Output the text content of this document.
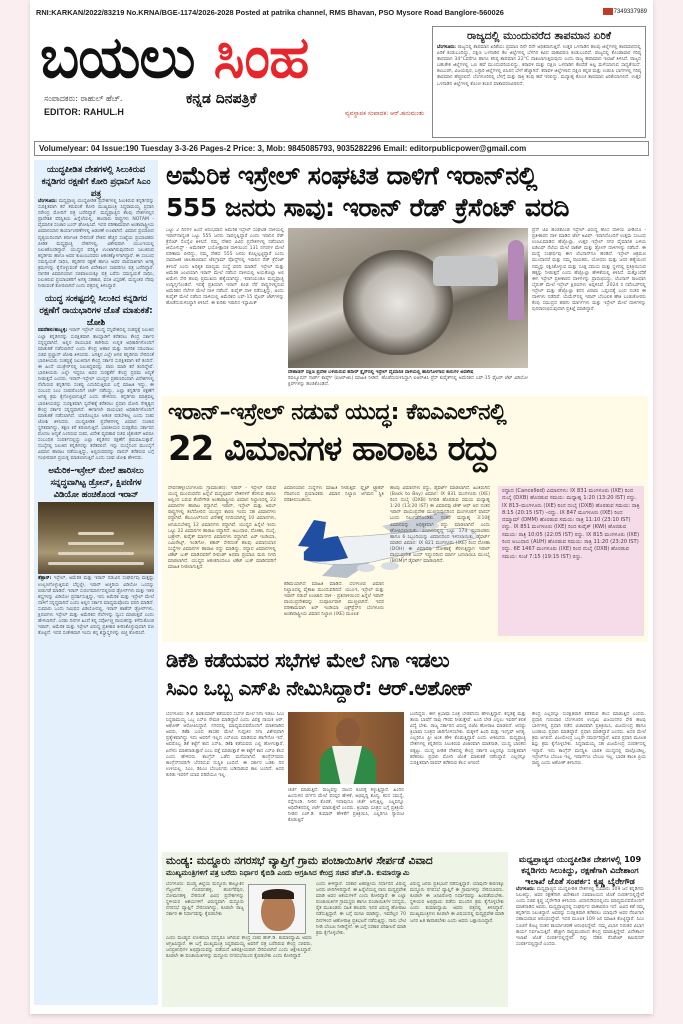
RNI:KARKAN/2022/83219 No.KRNA/BGE-1174/2026-2028 Posted at patrika channel, RMS Bhavan, PSO Mysore Road Banglore-560026	7349337989
ಬಯಲು ಸಿಂಹ
ಸಂಪಾದಕರು: ರಾಹುಲ್ ಹೆಚ್.
EDITOR: RAHUL.H
ಕನ್ನಡ ದಿನಪತ್ರಿಕೆ
ವ್ಯವಸ್ಥಾಪಕ ಸಂಪಾದಕ: ಆರ್.ಹನುಮಂತು
ರಾಜ್ಯದಲ್ಲಿ ಮುಂದುವರೆದ ತಾಪಮಾನ ಏರಿಕೆ
ಬೆಂಗಳೂರು: ರಾಜ್ಯದಲ್ಲಿ ತಾಪಮಾನ ಏರಿಕೆಯು ಪ್ರಮಾಣ ದಿನೇ ದಿನೇ ಅಧಿಕವಾಗುತ್ತಿದೆ. ಉತ್ತರ ಒಳನಾಡಿನ ಹಲವು ಜಿಲ್ಲೆಗಳಲ್ಲಿ ತಾಪಮಾನದಲ್ಲಿ ಏರಿಕೆ ಕಂಡುಬಂದಿದ್ದು, ದಕ್ಷಿಣ ಒಳನಾಡಿನ ಕೆಲ ಜಿಲ್ಲೆಗಳಲ್ಲಿ ಬೆಳಗಿನ ಕವಿದ ವಾತಾವರಣ ಕಂಡುಬಂದಿದೆ. ರಾಜ್ಯದಲ್ಲಿ ಕೊಂಡಾವಾರ ಗರಿಷ್ಠ ತಾಪಮಾನ 34°Cವರೆಗೂ ಹಾಗೂ ಕನಿಷ್ಠ ತಾಪಮಾನ 22°C ದಾಖಲಾಗುತ್ತಿರುವುದು ಎಂದು ರಾಜ್ಯ ಹವಾಮಾನ ಇಲಾಖೆ ತಿಳಿಸಿದೆ. ರಾಜ್ಯದ ಬಹುತೇಕ ಜಿಲ್ಲೆಗಳಲ್ಲಿ ಒಣ ಹವೆ ಮುಂದುವರಿಯಲಿದ್ದು, ಕರಾವಳಿ ಮತ್ತು ದಕ್ಷಿಣ ಒಳನಾಡಿನ ಕೆಲವೆಡೆ ಅಲ್ಪ ಮಳೆಯಾಗುವ ಸಾಧ್ಯತೆಯಿದೆ. ಕಲಬುರಗಿ, ವಿಜಯಪುರ, ಬಳ್ಳಾರಿ ಜಿಲ್ಲೆಗಳಲ್ಲಿ ಬಿಸಿಲಿನ ಬೇಗೆ ಹೆಚ್ಚಾಗಿದೆ. ಕರಾವಳಿ ಜಿಲ್ಲೆಗಳಾದ ದಕ್ಷಿಣ ಕನ್ನಡ ಮತ್ತು ಉಡುಪಿ ಭಾಗಗಳಲ್ಲಿ ಗರಿಷ್ಠ ತಾಪಮಾನ ಹೆಚ್ಚಿರಲಿದೆ. ಬೆಂಗಳೂರಿನಲ್ಲಿ ಬೆಳಗ್ಗೆ ಮತ್ತು ರಾತ್ರಿ ತಂಪು ಹವೆ ಇರಲಿದ್ದು, ಮಧ್ಯಾಹ್ನ ಕೊಂಚ ತಾಪಮಾನ ಏರಿಕೆಯಾಗಲಿದೆ. ಉತ್ತರ ಒಳನಾಡಿನ ಜಿಲ್ಲೆಗಳಲ್ಲಿ ಕೊಂಚ ತಂಪಿನ ವಾತಾವರಣವಿರಲಿದೆ.
Volume/year: 04 Issue:190 Tuesday 3-3-26 Pages-2 Price: 3, Mob: 9845085793, 9035282296 Email: editorpublicpower@gmail.com
ಯುದ್ಧಪೀಡಿತ ದೇಶಗಳಲ್ಲಿ ಸಿಲುಕಿರುವ ಕನ್ನಡಿಗರ ರಕ್ಷಣೆಗೆ ಕೋರಿ ಪ್ರಧಾನಿಗೆ ಸಿಎಂ ಪತ್ರ
ಬೆಂಗಳೂರು: ಮಧ್ಯಪ್ರಾಚ್ಯ ಯುದ್ಧಪೀಡಿತ ಪ್ರದೇಶಗಳಲ್ಲಿ ಸಿಲುಕಿರುವ ಕನ್ನಡಿಗರನ್ನು ಸುರಕ್ಷಿತವಾಗಿ ಕರೆ ತರುವಂತೆ ಕೋರಿ ಮುಖ್ಯಮಂತ್ರಿ ಸಿದ್ದರಾಮಯ್ಯ ಪ್ರಧಾನಿ ನರೇಂದ್ರ ಮೋದಿಗೆ ಪತ್ರ ಬರೆದಿದ್ದಾರೆ. ಮಧ್ಯಪ್ರಾಚ್ಯದ ಕೆಲವು ದೇಶಗಳಲ್ಲಿನ ಪ್ರಾದೇಶಿಕ ಪರಿಸ್ಥಿತಿಯ ಹಿನ್ನೆಲೆಯಲ್ಲಿ, ಹಲವಾರು ರಾಷ್ಟ್ರಗಳು NOTAM - ವೈಮಾನಿಕ ಸಂಚಾರ ಬಂದ್ ಘೋಷಿಸಿವೆ. ಇದರ ಪರಿಣಾಮವಾಗಿ ಅಂತಾರಾಷ್ಟ್ರೀಯ ವಿಮಾನಯಾನ ಕಾರ್ಯಾಚರಣೆಗಳಲ್ಲಿ ಅಡಚಣೆ ಉಂಟಾಗಿದೆ. ವಿಮಾನ ಪ್ರಯಾಣದ ವ್ಯತ್ಯಯದಿಂದಾಗಿ ಕರ್ನಾಟಕ ಸೇರಿದಂತೆ ದೇಶದ ಹೆಚ್ಚಿನ ಸಂಖ್ಯೆಯ ಪ್ರಯಾಣಿಕರು ಪೀಡಿತ ಮಧ್ಯಪ್ರಾಚ್ಯ ದೇಶಗಳಲ್ಲಿ, ವಿಶೇಷವಾಗಿ ಯುಎಇಯಲ್ಲಿ ಸಿಲುಕಿಕೊಂಡಿದ್ದಾರೆ. ಯುದ್ಧದ ಪರಿಸ್ಥಿತಿ ಉಂಟಾಗಿರುವುದರಿಂದ ಸಿಲುಕಿರುವ ಕನ್ನಡಿಗರು ಹಾಗೂ ಅವರ ಕುಟುಂಬದವರು ಆತಂಕಕ್ಕೊಳಗಾಗಿದ್ದಾರೆ. ಈ ಸಂಬಂಧ ಸಮನ್ವಯತೆ ಸಾಧಿಸಿ, ಕನ್ನಡಿಗರ ರಕ್ಷಣೆ ಹಾಗೂ ಅವರ ವಾಪಸಾತಿಗಾಗಿ ಅಗತ್ಯ ಕ್ರಮಗಳನ್ನು ಕೈಗೊಳ್ಳುವಂತೆ ಕೋರಿ ವಿದೇಶಾಂಗ ಸಚಿವರಿಗೂ ಪತ್ರ ಬರೆದಿದ್ದಾರೆ. ನಾಗರಿಕ ವಿಮಾನಯಾನ ಸಚಿವಾಲಯಕ್ಕೂ ಪತ್ರ ಬರೆದು ಸಮನ್ವಯತೆ ಸಾಧಿಸಿ, ಸಿಲುಕಿರುವ ಪ್ರಯಾಣಿಕರಿಗೆ ಅಗತ್ಯ ಸಹಕಾರ, ವಸತಿ ವಿಸ್ತರಣೆ, ಮಧ್ಯಂತರ ನೆರವು ನೀಡುವಂತೆ ಕೋರಲಾಗಿದೆ ಎಂದು ಪತ್ರದಲ್ಲಿ ತಿಳಿಸಿದ್ದಾರೆ.
ಯುದ್ಧ ಸಂಕಷ್ಟದಲ್ಲಿ ಸಿಲುಕಿದ ಕನ್ನಡಿಗರ ರಕ್ಷಣೆಗೆ ರಾಯಭಾರಿಗಳ ಜೊತೆ ಮಾತುಕತೆ: ಜೋಶಿ
ನವದೆಹಲಿ/ಹುಬ್ಬಳ್ಳಿ: ಇರಾನ್ ಇಸ್ರೇಲ್ ಯುದ್ಧ ಸನ್ನಿವೇಶದಲ್ಲಿ ಸಂಕಷ್ಟಕ್ಕೆ ಸಿಲುಕಿದ ಎಲ್ಲಾ ಕನ್ನಡಿಗರನ್ನು ಸುರಕ್ಷಿತವಾಗಿ ತಾಯ್ನಾಡಿಗೆ ಕರೆತರಲು ಕೇಂದ್ರ ಸರ್ಕಾರ ಸನ್ನದ್ಧವಾಗಿದೆ. ಅಲ್ಲಿನ ರಾಯಭಾರ ಕಚೇರಿಯ ಉನ್ನತ ಅಧಿಕಾರಿಗಳೊಂದಿಗೆ ಮಾತುಕತೆ ನಡೆಸಲಾಗಿದೆ ಎಂದು ಕೇಂದ್ರ ಆಹಾರ ಮತ್ತು ನಾಗರಿಕ ಸರಬರಾಜು ಸಚಿವ ಪ್ರಲ್ಹಾದ್ ಜೋಶಿ ತಿಳಿಸಿದರು. ಜಗತ್ತಿನ ಎಲ್ಲೇ ಆಗಲಿ ಕನ್ನಡಿಗರು ಸೇರಿದಂತೆ ಭಾರತೀಯರು ಸಂಕಷ್ಟಕ್ಕೆ ಸಿಲುಕಿದಾಗ ಕೇಂದ್ರ ಸರ್ಕಾರ ಸುರಕ್ಷಿತವಾಗಿ ಕರೆ ತಂದಿದೆ. ಈ ಹಿಂದೆ ಯುಕ್ರೇನ್‌ನಲ್ಲಿ ಸಿಲುಕಿದ್ದವರನ್ನು ಪಾರು ಮಾಡಿ ಕರೆ ತಂದಿದ್ದೇವೆ. ಭಾರತೀಯರು ಎಲ್ಲೇ ಇದ್ದರೂ ಅವರ ಸುರಕ್ಷತೆಗೆ ಕೇಂದ್ರ ಪ್ರಥಮ ಆದ್ಯತೆ ನೀಡುತ್ತದೆ ಎಂದರು. ಇರಾನ್–ಇಸ್ರೇಲ್ ಯುದ್ಧದ ಪ್ರಕರಣದಿಂದಾಗಿ ವಿದೇಶಗಳಲ್ಲಿ ನೆಲೆಸಿರುವ ಕನ್ನಡಿಗರು ಸಂಕಷ್ಟ ಎದುರಿಸುತ್ತಿರುವ ಬಗ್ಗೆ ಮಾಹಿತಿ ಇದ್ದು, ಈ ಸಂಬಂಧ ಸಿಎಂ ಸಚಿವರೊಂದಿಗೆ ಚರ್ಚೆ ನಡೆಸಿದ್ದು, ಎಲ್ಲಾ ಕನ್ನಡಿಗರ ರಕ್ಷಣೆಗೆ ಅಗತ್ಯ ಕ್ರಮ ಕೈಗೊಳ್ಳಲಾಗುತ್ತಿದೆ ಎಂದು ಹೇಳಿದರು. ಕನ್ನಡಿಗರು ಮಾತ್ರವಲ್ಲ ಭಾರತೀಯರನ್ನು ಸುರಕ್ಷಿತವಾಗಿ ಸ್ವದೇಶಕ್ಕೆ ಕರೆತರಲು ಪ್ರಧಾನಿ ಮೋದಿ ನೇತೃತ್ವದ ಕೇಂದ್ರ ಸರ್ಕಾರ ಸನ್ನದ್ಧವಾಗಿದೆ. ಈಗಾಗಲೇ ರಾಯಭಾರ ಅಧಿಕಾರಿಗಳೊಂದಿಗೆ ಮಾತುಕತೆ ನಡೆಸಲಾಗಿದೆ. ಯಾರೊಬ್ಬರೂ ಆತಂಕ ಪಡಬೇಕಿಲ್ಲ ಎಂದು ಸಚಿವ ಜೋಶಿ ತಿಳಿಸಿದರು. ಯುದ್ಧಪೀಡಿತ ಪ್ರದೇಶಗಳಲ್ಲಿ ವಿಮಾನ ಸಂಚಾರ ಸ್ಥಗಿತವಾಗಿದ್ದು, ತಕ್ಷಣ ಕರೆ ತರಲಾಗುತ್ತಿದೆ. ಭಾರತೀಯರ ಸುರಕ್ಷತೆಯ ಸರ್ಕಾರದ ಮೊದಲ ಆದ್ಯತೆ ಎಂದಿರುವ ಸಚಿವ, ವಿದೇಶ ವ್ಯವಹಾರ ಸಚಿವ ಜೈಶಂಕರ್ ಅವರೂ ಸಂಬಂಧಿತ ಸಂಪರ್ಕದಲ್ಲಿದ್ದು ಎಲ್ಲಾ ಕನ್ನಡಿಗರ ರಕ್ಷಣೆಗೆ ಕ್ರಮವಹಿಸುತ್ತಾರೆ. ದುಬೈನಲ್ಲಿ ಸಿಲುಕಿದ ಕನ್ನಡಿಗರನ್ನು ಕರೆತರಲಿದೆ. ಇನ್ನು ದುಬೈನಿಂದ ಮುಂಬೈಗೆ ವಿಮಾನ ಹಾರಾಟ ನಡೆಯುತ್ತಿದ್ದು, ಅಲ್ಲಿರುವವರನ್ನು ವಾಪಸ್ ಕರೆತರುವ ಬಗ್ಗೆ ಗಂಭೀರವಾಗಿ ಪ್ರಯತ್ನ ಮಾಡಲಾಗುತ್ತಿದೆ ಎಂದು ಸಚಿವ ಜೋಶಿ ಹೇಳಿದರು.
ಅಮೆರಿಕ–ಇಸ್ರೇಲ್ ಮೇಲೆ ಹಾರಿಸಲು ಸನ್ನದ್ಧವಾಗಿಟ್ಟ ಡ್ರೋನ್, ಕ್ಷಿಪಣಿಗಳ ವಿಡಿಯೋ ಹಂಚಿಕೊಂಡ ಇರಾನ್
ತೆಹ್ರಾನ್: ಇಸ್ರೇಲ್, ಅಮೆರಿಕ ಮತ್ತು ಇರಾನ್ ನಡುವಿನ ಸಂಘರ್ಷವು ಮತ್ತಷ್ಟು ಉಲ್ಬಣಗೊಳ್ಳುತ್ತಿರುವ ಬೆನ್ನಲ್ಲೇ, ಇರಾನ್ ಅಚ್ಚರಿಯ ವಿಡಿಯೋ ಒಂದನ್ನು ಬಿಡುಗಡೆ ಮಾಡಿದೆ. ಇರಾನ್ ಸುರಂಗಮಾರ್ಗದಲ್ಲಿರುವ ಡ್ರೋನ್‌ಗಳು ಮತ್ತು ಇತರ ಶಸ್ತ್ರಗಳನ್ನು ವಿಡಿಯೋ ಪ್ರದರ್ಶಿಸುತ್ತಿದ್ದು, ಇದು ಅಮೆರಿಕ ಮತ್ತು ಇಸ್ರೇಲ್ ಮೇಲೆ ದಾಳಿಗೆ ಸನ್ನದ್ಧವಾಗಿದೆ ಎಂದು ಅಲ್ಲಿನ ಸರ್ಕಾರ ಮಾಧ್ಯಮವೊಂದು ವರದಿ ಮಾಡಿದೆ. ಸುಮಾರು ಒಂದು ನಿಮಿಷದ ವಿಡಿಯೋದಲ್ಲಿ, ಇರಾನ್ ಶಾಹೆದ್ ಡ್ರೋನ್‌ಗಳು, ಕ್ಷಿಪಣಿಗಳು ಇಸ್ರೇಲ್ ಮತ್ತು ಅಮೆರಿಕದ ನೆಲೆಗಳನ್ನು ಧ್ವಂಸ ಮಾಡುತ್ತವೆ ಎಂದು ಹೇಳಲಾಗಿದೆ. ಎರಡು ದಿನಗಳ ಹಿಂದೆ ತನ್ನ ಸರ್ವೋಚ್ಚ ನಾಯಕನನ್ನು ಕಳೆದುಕೊಂಡ ಇರಾನ್, ಅಮೆರಿಕ ಮತ್ತು ಇಸ್ರೇಲ್ ವಿರುದ್ಧ ಪ್ರತೀಕಾರ ತೀರಿಸಿಕೊಳ್ಳುವುದಾಗಿ ಪಣ ತೊಟ್ಟಿದೆ. ಇದರ ಸಂಕೇತವಾಗಿ ಇಂದು ತನ್ನ ಶಸ್ತ್ರಾಸ್ತ್ರಗಳನ್ನು ಬಿಚ್ಚಿ ತೋರಿಸಿದೆ.
ಅಮೆರಿಕ ಇಸ್ರೇಲ್ ಸಂಘಟಿತ ದಾಳಿಗೆ ಇರಾನ್‌ನಲ್ಲಿ
555 ಜನರು ಸಾವು: ಇರಾನ್ ರೆಡ್ ಕ್ರೆಸೆಂಟ್ ವರದಿ
ಒಟ್ಟು 2 ದಿನಗಳ ಹಿಂದೆ ಆರಂಭವಾದ ಅಮೆರಿಕ ಇಸ್ರೇಲ್ ಸಂಘಟಿತ ದಾಳಿಯಲ್ಲಿ ಇರಾನ್‌ನಾದ್ಯಂತ ಒಟ್ಟು 555 ಜನರು ಸಾವನ್ನಪ್ಪಿದ್ದಾರೆ ಎಂದು ಇರಾನಿನ ರೆಡ್ ಕ್ರೆಸೆಂಟ್ ಸೊಸೈಟಿ ತಿಳಿಸಿದೆ. ನಮ್ಮ ದೇಶದ ವಿವಿಧ ಪ್ರದೇಶಗಳಲ್ಲಿ ನಡೆಸಲಾದ ಜಿಯೋನಿಸ್ಟ್ - ಅಮೆರಿಕನ್ ಭಯೋತ್ಪಾದಕ ದಾಳಿಯಿಂದ 131 ನಗರಗಳ ಮೇಲೆ ಪರಿಣಾಮ ಬೀರಿದ್ದು, ನಮ್ಮ ದೇಶದ 555 ಜನರು ಕೊಲ್ಲಲ್ಪಟ್ಟಿದ್ದಾರೆ ಎಂದು ಸಾಮಾಜಿಕ ಜಾಲತಾಣವಾದ ಟೆಲಿಗ್ರಾಮ್ ಪೋಸ್ಟ್‌ನಲ್ಲಿ ಇರಾನಿನ ರೆಡ್ ಕ್ರೆಸೆಂಟ್ ತಿಳಿಸಿದೆ ಎಂದು ಅಧಿಕೃತ ಮಾಧ್ಯಮ ಸಂಸ್ಥೆ ವರದಿ ಮಾಡಿದೆ. ಇಸ್ರೇಲ್ ಮತ್ತು ಅಮೆರಿಕ ಜಂಟಿಯಾಗಿ ಇರಾನ್ ಮೇಲೆ ನಡೆಸಿದ ದಾಳಿಯಲ್ಲಿ ಅಯತೊಲ್ಲಾ ಅಲಿ ಖಮೇನಿ ಸೇರಿ ಹಲವು ಪ್ರಮುಖರು ಹತ್ಯೆಯಾಗಿದ್ದು, ಇರಾನಿಯಂತೂ ಮಧ್ಯಪ್ರಾಚ್ಯ ಉದ್ವಿಗ್ನಗೊಂಡಿದೆ. ಇದಕ್ಕೆ ಪ್ರತಿಯಾಗಿ ಇರಾನ್ ಕೂಡ ನೆರೆ ರಾಷ್ಟ್ರಗಳಲ್ಲಿರುವ ಅಮೆರಿಕದ ನೆಲೆಗಳ ಮೇಲೆ ದಾಳಿ ನಡೆಸಿದೆ. ಕುವೈತ್ ದಾಳಿ ನಡೆಸುತ್ತಿದ್ದು, ಅಂದು ಕುವೈತ್ ಮೇಲೆ ನಡೆಸಿದ ದಾಳಿಯಲ್ಲಿ ಅಮೆರಿಕದ ಎಫ್-15 ಫೈಟರ್ ಜೆಟ್‌ಗಳನ್ನು ಹೊಡೆದುರುಳಿಸಿದ್ದಾಗಿ ತಿಳಿಸಿದೆ. ಈ ಕುರಿತು ಇರಾನಿನ ಇಸ್ಲಾಮಿಕ್
ದೇಹಾಡನ್ ದಕ್ಷಿಣ ಪ್ರದೇಶ ಬಳಿಯಿರುವ ಹದೀರ್ ಕ್ಷೈನ್‌ನಲ್ಲಿ ಇಸ್ರೇಲ್ ವೈಮಾನಿಕ ದಾಳಿಯಲ್ಲಿ ಹಾನಿಗೊಳಗಾದ ಕಾರುಗಳ ಅವಶೇಷ
ರಿವಲ್ಯೂಷನ್ ಗಾರ್ಡ್ ಕಾರ್ಪ್ಸ್ (ಐಆರ್‌ಜಿಸಿ) ಮಾಹಿತಿ ನೀಡಿದೆ. ಹೊಡೆದುರುಳಿಸಿದ್ದಾಗಿ ಐಆರ್‌ಜಿಸಿ ಪ್ರೆಸ್ ಕುವೈತ್‌ನಲ್ಲಿ ಅಮೆರಿಕದ ಎಫ್-15 ಫೈಟರ್ ಜೆಟ್ ವಿಡಿಯೋ ಕ್ಲಿಪ್‌ಗಳನ್ನು ಹಂಚಿಕೊಂಡಿದೆ.
ಪ್ರೆಸ್ ಟಿವಿ ಹಂಚಿಕೊಂಡ ಇಸ್ರೇಲ್ ವಿರುದ್ಧ ಹೊಸ ದಾಳಿಯ ವೀಡಿಯೊ - ಪ್ರತೀಕಾರದ ದಾಳಿ ಮಾಡಿದ ಟೆಲ್ ಅವಿವ್. ಇರಾನಿನೊಂದಿಗೆ ಉತ್ತಮ ಸಂಬಂಧ ಉಂಟುಮಾಡಿದ ಹೆಜ್ಬೊಲ್ಲಾ, ಉತ್ತರ ಇಸ್ರೇಲ್ ನಗರ ವೈಮಾನಿಕ ಬಳಿಯ ಐಡಿಎಫ್ ನೆಲೆಯ ಮೇಲೆ ರಾಕೆಟ್ ಮತ್ತು ಡ್ರೋನ್ ದಾಳಿಗಳನ್ನು ನಡೆಸಿದೆ. ಈ ಮಧ್ಯೆ ಸಂಘರ್ಷವು ಈಗ ಲೆಬನಾನ್‌ಗೂ ಹರಡಿದೆ. ಇಸ್ರೇಲ್ ಆಕ್ರಮಣ ಮುಂದಾದರೆ ಮತ್ತು ನಮ್ಮ ನಾಯಕರು, ಯೋಧರು ಮತ್ತು ಜನರ ಹತ್ಯೆಯಿಂದ ನಮ್ಮನ್ನು ರಕ್ಷಿಸಿಕೊಳ್ಳುವ ಮತ್ತು ಸೂಕ್ತ ಸಮಯ ಮತ್ತು ಸ್ಥಳದಲ್ಲಿ ಪ್ರತಿಕ್ರಿಯಿಸುವ ಹಕ್ಕನ್ನು ನೀಡುತ್ತದೆ ಎಂದು ಹೆಜ್ಬೊಲ್ಲಾ ಹೇಳಿಕೆಯಲ್ಲಿ ತಿಳಿಸಿದೆ. ಮತ್ತೊಂದೆಡೆ ಈಗ ಇಸ್ರೇಲ್ ಪ್ರತೀಕಾರದ ದಾಳಿಗಳನ್ನು ಪ್ರಾರಂಭಿಸಿದ್ದು, ಲೆಬನಾನ್ ರಾಜಧಾನಿ ಬೈರುತ್ ಮೇಲೆ ಇಸ್ರೇಲ್ ಕ್ಷಿಪಣಿಗಳು ಅಪ್ಪಳಿಸಿವೆ. 2024 ರ ನವೆಂಬರ್‌ನಲ್ಲಿ ಇಸ್ರೇಲ್ ಮತ್ತು ಹೆಜ್ಬೊಲ್ಲಾ ಕದನ ವಿರಾಮ ಒಪ್ಪಂದಕ್ಕೆ ಬಂದ ನಂತರ ಈ ದಾಳಿಗಳು ನಡೆದಿವೆ. ಯೆಮೆನ್‌ನಲ್ಲಿ ಇರಾನ್ ಬೆಂಬಲಿತ ಹೌತಿ ಬಂಡುಕೋರರು ಕೆಂಪು ಸಮುದ್ರದ ಹಡಗು ಮಾರ್ಗಗಳು ಮತ್ತು ಇಸ್ರೇಲ್ ಮೇಲೆ ದಾಳಿಗಳನ್ನು ಪುನರಾರಂಭಿಸುವುದಾಗಿ ಪ್ರತಿಜ್ಞೆ ಮಾಡಿದ್ದಾರೆ.
ಇರಾನ್–ಇಸ್ರೇಲ್ ನಡುವೆ ಯುದ್ಧ: ಕೆಐಎಎಲ್‌ನಲ್ಲಿ
22 ವಿಮಾನಗಳ ಹಾರಾಟ ರದ್ದು
ದೇವನಹಳ್ಳಿ(ಬೆಂಗಳೂರು ಗ್ರಾಮಾಂತರ): ಇರಾನ್ - ಇಸ್ರೇಲ್ ನಡುವೆ ಯುದ್ಧ ಮುಂದುವರೆದ ಹಿನ್ನೆಲೆ ಮಧ್ಯಪೂರ್ವ ದೇಶಗಳಿಗೆ ತೆರಳುವ ಹಾಗೂ ಅಲ್ಲಿಂದ ಬರುವ ಕೆಂಪೇಗೌಡ ಅಂತಾರಾಷ್ಟ್ರೀಯ ವಿಮಾನ ನಿಲ್ದಾಣದಲ್ಲಿ 22 ವಿಮಾನಗಳ ಹಾರಾಟ ರದ್ದಾಗಿದೆ. ಇರಾನ್, ಇಸ್ರೇಲ್ ಮತ್ತು ಅರಬ್ ರಾಷ್ಟ್ರಗಳಲ್ಲಿ ತಲೆದೋರಿದ ಯುದ್ಧದ ಕಾರಣ ಇಂದು ಸಹ ವಿಮಾನಗಳು ರದ್ದಾಗಿವೆ. ಕೆಐಎಎಲ್‌ನಿಂದ ವಿದೇಶಕ್ಕೆ ನಿಗದಿಯಾಗಿದ್ದ 10 ವಿಮಾನಗಳು, ಆಗಮಿಸಬೇಕಿದ್ದ 12 ವಿಮಾನಗಳು ರದ್ದಾಗಿವೆ. ಯುದ್ಧದ ಹಿನ್ನೆಲೆ ಇಂದು ಒಟ್ಟು 22 ವಿಮಾನಗಳ ಹಾರಾಟ ರದ್ದಾಗಿದೆ. ಅಬುಧಾಬಿ, ದೋಹಾ, ದುಬೈ, ಬಹ್ರೇನ್, ಕುವೈತ್ ಮಾರ್ಗದ ವಿಮಾನಗಳು ರದ್ದಾಗಿವೆ. ಏರ್ ಇಂಡಿಯಾ, ಎಮಿರೇಟ್ಸ್, ಇಂಡಿಗೋ, ಕತಾರ್ ಸೇರಿದಂತೆ ಹಲವು ವಿಮಾನಯಾನ ಸಂಸ್ಥೆಗಳ ವಿಮಾನಗಳ ಹಾರಾಟ ರದ್ದು ಮಾಡಿದ್ದು, ರದ್ದಾದ ವಿಮಾನಗಳಲ್ಲಿ ಟಿಕೆಟ್ ಬುಕ್ ಮಾಡಿದವರಿಗೆ ರೀಫಂಡ್ ಅಥವಾ ಪ್ರಯಾಣ ಮರು ನಿಗದಿ ಮಾಡಲಾಗಿದೆ. ಯುದ್ಧದ ಆತಂಕದಿಂದಲೂ ಟಿಕೆಟ್ ಬುಕ್ ಮಾಡಿದವರಿಗೆ ಮಾಹಿತಿ ನೀಡಲಾಗುತ್ತಿದೆ.
ವಿಮಾನಯಾನ ಸಂಸ್ಥೆಗಳು ಮಾಹಿತಿ ನೀಡುತ್ತಿವೆ. ಫ್ಲೈಟ್ ಟ್ರ್ಯಾಕರ್ ನೆರವಿನಿಂದ ಪ್ರಯಾಣಿಕರು ವಿಮಾನ ನಿಲ್ದಾಣ ಆಗಮನ ಸ್ಥಿತಿ ಪರಿಶೀಲಿಸಬಹುದು.
ಕಡಿಮೆಯಾಗಿದೆ ಮಾಹಿತಿ ಮಾಡಿದೆ. ಬೆಂಗಳೂರು ವಿಮಾನ ನಿಲ್ದಾಣದಲ್ಲಿ ವೈಶಾಖ ಮುಂದುವರಿದಿದೆ. ಯುಎಇ, ಇಸ್ರೇಲ್ ಮತ್ತು ಇರಾನ್ ನಡುವೆ ಉಂಟಾದ ದಾಳಿ - ಪ್ರತಿದಾಳಿಯಿಂದ ಹಿನ್ನೆಲೆ ಇರಾನ್ ವಾಯುಪ್ರದೇಶವನ್ನು ಸಂಪೂರ್ಣವಾಗಿ ಮುಚ್ಚಲಾಗಿದೆ. ಇದರ ಪರಿಣಾಮವಾಗಿ ಏರ್ ಇಂಡಿಯಾ ಎಕ್ಸ್‌ಪ್ರೆಸ್‌ನ ಬೆಂಗಳೂರು ಅಂತಾರಾಷ್ಟ್ರೀಯ ವಿಮಾನ ನಿಲ್ದಾಣ (IXE) ಮೂಲಕ
ಹಲವು ವಿಮಾನಗಳು ರದ್ದು, ಡೈವರ್ಟ್ ಮಾಡಲಾಗಿದೆ. ಹಿಂತಿರುಗಿದ (Back to Bay) ವಿಮಾನ: IX 831 ಮಂಗಳೂರು (IXE) ರಿಂದ ದುಬೈ (DXB) ನಿಗದಿತ ಹೊರಡುವ ಸಮಯ ಮಧ್ಯಾಹ್ನ 1:20 (13:20 IST) ಈ ವಿಮಾನವು ಟೇಕ್ ಆಫ್ ಆದ ನಂತರ ಇರಾನ್ ವಾಯುಪ್ರದೇಶ ಮುಚ್ಚಿರುವುದರಿಂದ ಮಂಗಳೂರಿಗೆ ವಾಪಸ್ ಬಂದು ನಿಲುಗಡೆಗೊಂಡಿತು. ನಂತರ ಮಧ್ಯಾಹ್ನ 3:10ಕ್ಕೆ ವಿಮಾನವನ್ನು ಅಧಿಕೃತವಾಗಿ ರದ್ದು ಮಾಡಲಾಗಿದೆ ಎಂದು ಘೋಷಿಸಲಾಯಿತು. ವಿಮಾನದಲ್ಲಿದ್ದ ಒಟ್ಟು 174 ಪ್ರಯಾಣಿಕರು ಹಾಗೂ 6 ಸಿಬ್ಬಂದಿಯನ್ನು ವಿಮಾನದಿಂದ ಇಳಿಸಲಾಯಿತು. ಡೈವರ್ಟ್ ಮಾಡಿದ ವಿಮಾನ: IX 821 ಮಂಗಳೂರು (IXE) ರಿಂದ ದೋಹಾ (DOH) ಈ ವಿಮಾನವು ದೋಹಾಕ್ಕೆ ತೆರಳುತ್ತಿದ್ದಾಗ ಇರಾನ್ ವಾಯುಪ್ರದೇಶ ಬಂದ್ ಇದ್ದುದರಿಂದ ಮಾರ್ಗ ಬದಲಾಯಿಸಿ ಮುಂಬೈ (BOM)ಗೆ ಡೈವರ್ಟ್ ಮಾಡಲಾಗಿದೆ.
ರದ್ದಾದ (Cancelled) ವಿಮಾನಗಳು: IX 831 ಮಂಗಳೂರು (IXE) ರಿಂದ ದುಬೈ (DXB) ಹೊರಡುವ ಸಮಯ: ಮಧ್ಯಾಹ್ನ 1:20 (13:20 IST) ರದ್ದು. IX 813–ಮಂಗಳೂರು (IXE) ರಿಂದ ದುಬೈ (DXB) ಹೊರಡುವ ಸಮಯ: ರಾತ್ರಿ 8:15 (20:15 IST) –ರದ್ದು. IX 847 ಮಂಗಳೂರು (IXE) ರಿಂದ ದಮ್ಮಾಮ್ (DMM) ಹೊರಡುವ ಸಮಯ: ರಾತ್ರಿ 11:10 (23:10 IST) ರದ್ದು. IX 851 ಮಂಗಳೂರು (IXE) ರಿಂದ ಕುವೈತ್ (KWI) ಹೊರಡುವ ಸಮಯ: ರಾತ್ರಿ 10:05 (22:05 IST) ರದ್ದು. IX 815 ಮಂಗಳೂರು (IXE) ರಿಂದ ಅಬುಧಾಬಿ (AUH) ಹೊರಡುವ ಸಮಯ: ರಾತ್ರಿ 11:20 (23:20 IST) ರದ್ದು. 6E 1467 ಮಂಗಳೂರು (IXE) ರಿಂದ ದುಬೈ (DXB) ಹೊರಡುವ ಸಮಯ: ಸಂಜೆ 7:15 (19:15 IST) ರದ್ದು.
ಡಿಕೆಶಿ ಕಡೆಯವರ ಸಭೆಗಳ ಮೇಲೆ ನಿಗಾ ಇಡಲು
ಸಿಎಂ ಒಬ್ಬ ಎಸ್‌ಪಿ ನೇಮಿಸಿದ್ದಾರೆ: ಆರ್.ಅಶೋಕ್
ಬೆಂಗಳೂರು: ಡಿ.ಕೆ. ಶಿವಕುಮಾರ್ ಕಡೆಯವರ ಸಭೆಗಳ ಮೇಲೆ ನಿಗಾ ಇಡಲು ಸಿಎಂ ಸಿದ್ದರಾಮಯ್ಯ ಒಬ್ಬ ಎಸ್‌ಪಿ ನೇಮಕ ಮಾಡಿದ್ದಾರೆ ಎಂದು ವಿಪಕ್ಷ ನಾಯಕ ಆರ್. ಅಶೋಕ್ ಆರೋಪಿಸಿದ್ದಾರೆ. ನಗರದಲ್ಲಿ ಮಾಧ್ಯಮದವರೊಂದಿಗೆ ಮಾತನಾಡಿದ ಅವರು, ಡಿಕೆಶಿ ಬಣದ ಶಾಸಕರ ಮೇಲೆ ಗುಪ್ತಚರ ನಿಗಾ ವಿಶೇಷವಾಗಿ ಪ್ರತ್ಯೇಕವಾಗಿದ್ದು ಇದು ಅವರಿಗೆ ಇಲ್ಲದ ಎಸ್‌ಪಿಯ ಮಾಡಿರುವ ಹಾಗೇನೋ ಇದೆ. ಅವರೊಬ್ಬ ಡಿಕೆ ಕಟ್ಟೆಗೆ ಕಾದ ಎಸ್‌ಪಿ, ಡಿಕೆಶಿ ಕಡೆಯವರು ಎಲ್ಲಿ ಹೋಗುತ್ತಾರೆ, ಏನೇನು ಮಾತನಾಡುತ್ತಾರೆ ಎಂಬ ಪತ್ತೆ ಮಾಡುತ್ತಾರೆ ಈ ಕಟ್ಟೆಗೆ ಕಾದ ಎಸ್‌ಪಿ ಕೆಲಸ ಎಂದು ಹೇಳಿದರು. ಕಾಂಗ್ರೆಸ್ ಒಡೆದ ಮನೆಯಾಗಿದೆ. ಕಾಂಗ್ರೆಸ್‌ನವರು ಕಾಂಗ್ರೆಸ್‌ನವರಿಗೇ ಬೆದರಿಸುವ ದುಸ್ಥಿತಿ ಬಂದಿದೆ. ಈ ಸರ್ಕಾರ ಒಡಕು ದಿನ ಉಳಿಯಲ್ಲ. ಸಿಎಂ, ಡಿಸಿಎಂ ಬೆಂಬಲಿಗರು ಬಡಿದಾಡುವ ಕಾಲ ಬಂದಿದೆ. ಅದರ ಕುರಿತು ಇವರಿಗೆ ಯಾವ ಪರಿವೆಯೂ ಇಲ್ಲ.
ಚರ್ಚೆ ಮಾಡುತ್ತಿದೆ. ರಾಜ್ಯವನ್ನು ಸಾಲದ ಕೂಪಕ್ಕೆ ತಳ್ಳುತ್ತಿದ್ದಾರೆ. ಹಿಂದಿನ ಹಿಂದುಳಿದ ವರ್ಗದ ಮೇಲೆ ಪರಸ್ಪರ ಹೇಳಿಕೆ, ಅಭಿವೃದ್ಧಿ ಶೂನ್ಯ, ಕಸದ ಸಮಸ್ಯೆ, ರಸ್ತೆಗುಂಡಿ, ನೀರಿನ ಕೊರತೆ, ಇದಾವುದೂ ಚರ್ಚೆ ಆಗುತ್ತಿಲ್ಲ. ಎಲ್ಲವನ್ನೂ ಅಧಿವೇಶನದಲ್ಲಿ ಚರ್ಚೆ ಮಾಡುತ್ತೇವೆ ಎಂದರು. ತ್ರಿಭಾಷಾ ಸೂತ್ರದ ಬಗ್ಗೆ ಪ್ರತಿಕ್ರಿಯೆ ನೀಡಿದ ಎಚ್.ಡಿ. ಕುಮಾರ್ ಹೇಳಿಕೆಗೆ ಪ್ರತಿಕ್ರಿಯಿಸಿ, ಎಲ್ಲರಿಗೂ ಗ್ಯಾರಂಟಿ ಕೊಡುತ್ತಿದೆ
ಬಂದಿದ್ದರು. ಈಗ ತ್ರಿಭಾಷಾ ಸೂತ್ರ ಬೇಡವೆಂದು ಹೇಳುತ್ತಿದ್ದಾರೆ. ಕನ್ನಡಕ್ಕೆ ಮತ್ತು ತಾಯಿ ಭಾಷೆಗೆ ನಾವು ಗೌರವ ನೀಡುತ್ತೇವೆ. ಹಿಂದಿ ಬೇಡ ಎನ್ನಲು ಇವರಿಗೆ ಕಲಿತ ವಿದ್ಯೆ ಬೇಕು. ರಾಜ್ಯ ಸರ್ಕಾರದ ವಿರುದ್ಧ ಬಿಜೆಪಿ ಹೋರಾಟ ಮಾಡಲಿದೆ. ಆದಷ್ಟು ತ್ರಿಭಾಷಾ ಸೂತ್ರದ ಜಾರಿಗೊಳಿಸಬೇಕು. ಮಕ್ಕಳಿಗೆ ಹಿಂದಿ ಮತ್ತು ಇಂಗ್ಲಿಷ್ ಅಗತ್ಯ. ಎಲ್ಲರಿಗೂ ಫ್ರೀ ಅಂತ ಹೇಳಿ ಕೊಡುತ್ತಿದ್ದಾರೆ ಎಂದು ಟೀಕಿಸಿದರು. ಮಧ್ಯಪ್ರಾಚ್ಯ ದೇಶಗಳಲ್ಲಿ ಕನ್ನಡಿಗರು ಸಿಲುಕಿರುವ ವಿಚಾರವಾಗಿ ಮಾತನಾಡಿ, ಯುದ್ಧ ಭಾರತದ ಬಿಕ್ಕಟ್ಟು. ಯುದ್ಧ ಪೀಡಿತ ದೇಶದಲ್ಲಿ ಕೇಂದ್ರ ಸರ್ಕಾರ ಎಲ್ಲರನ್ನೂ ಸುರಕ್ಷಿತವಾಗಿ ಕರೆತರಲು ಪ್ರಧಾನಿ ಮೋದಿ ಜೊತೆ ಮಾತುಕತೆ ನಡೆಸಿದ್ದಾರೆ. ಎಲ್ಲರನ್ನೂ ಸುರಕ್ಷಿತವಾಗಿ ವಾಪಸ್ ಕರೆತರುವ ಕೆಲಸ ಆಗಲಿದೆ.
ಕೇಂದ್ರ ಎಲ್ಲರನ್ನೂ ಸುರಕ್ಷಿತವಾಗಿ ಕರೆತರುವ ಕೆಲಸ ಮಾಡುತ್ತಿದೆ ಎಂದರು. ಪ್ರಧಾನಿ ಗುರುವಾರ ಬೆಂಗಳೂರಿನ ಉದ್ಯಮಿ ವಿಜಯನಗರ ಸೇರಿ ಹಲವು ಭಾಗಗಳಲ್ಲಿ ಪ್ರಧಾನಿ ನಡೆದ ವಿಚಾರವಾಗಿ ಪ್ರತಿಕ್ರಿಯಿಸಿ, ವಿಜಯೇಂದ್ರ ಹಾಗೂ ಬಂಡಾಯ ಪ್ರಧಾನಿ ಮಾಡಿದ್ದಾರೆ. ಪ್ರಧಾನಿ ಮಾಡಿದ್ದಾರೆ ಎಂದರು. ಅದರ ಮೇಲೆ ಕ್ರಮ ಆಗಲಿದೆ. ವಿಜಯೇಂದ್ರ ಒಬ್ಬರೇ ಸಮರ್ಥರಿದ್ದಾರೆ, ಅವರ ಪ್ರಧಾನಿ ಮೂಲಕ ಶಿಸ್ತು ಕ್ರಮ ಕೈಗೊಳ್ಳಬೇಕು. ಸಿದ್ದರಾಮಯ್ಯ ಸಹ ವಿಜಯೇಂದ್ರ ಸಂಪರ್ಕದಲ್ಲಿ ಇದ್ದಾರೆ. ಇದು ಕಾಂಗ್ರೆಸ್ ಮನಸ್ಥಿತಿ. ಭಾರತ ಯುದ್ಧದಲ್ಲಿ ಪಾಲ್ಗೊಂಡಿಲ್ಲ, ಇಸ್ರೇಲ್‌ಗೂ ಬೆಂಬಲ ಇಲ್ಲ, ಇರಾನ್‌ಗೂ ಬೆಂಬಲ ಇಲ್ಲ. ಭಾರತ ಶಾಂತಿ ಪ್ರಿಯ ರಾಷ್ಟ್ರ ಎಂದು ಅಶೋಕ್ ತಿಳಿಸಿದರು.
ಮಂಡ್ಯ: ಮದ್ದೂರು ನಗರಸಭೆ ವ್ಯಾಪ್ತಿಗೆ ಗ್ರಾಮ ಪಂಚಾಯಿತಿಗಳ ಸೇರ್ಪಡೆ ವಿವಾದ
ಮುಖ್ಯಮಂತ್ರಿಗಳಿಗೆ ಪತ್ರ ಬರೆದು ನಿರ್ಧಾರ ಕೈಬಿಡಿ ಎಂದು ಆಗ್ರಹಿಸಿದ ಕೇಂದ್ರ ಸಚಿವ ಹೆಚ್.ಡಿ. ಕುಮಾರಸ್ವಾಮಿ
ಬೆಂಗಳೂರು: ಮಂಡ್ಯ ಜಿಲ್ಲೆಯ ಮದ್ದೂರು ತಾಲ್ಲೂಕಿನ ಗೆಜ್ಜಲಗೆರೆ, ಗೊರವನಹಳ್ಳಿ, ಹುಲಿಗೆರೆಪುರ, ಸೋಮನಹಳ್ಳಿ ಸೇರಿದಂತೆ ವಿವಿಧ ಪ್ರದೇಶಗಳನ್ನು ಸ್ಥಳೀಯರ ಆಶಯಗಳಿಗೆ ವಿರುದ್ಧವಾಗಿ ಮದ್ದೂರು ನಗರಸಭೆ ವ್ಯಾಪ್ತಿಗೆ ಸೇರಿಸಲಾಗಿದ್ದು, ಕೂಡಲೇ ರಾಜ್ಯ ಸರ್ಕಾರ ಈ ನಿರ್ಧಾರವನ್ನು ಕೈಬಿಡಬೇಕು
ಎಂದು ಮಂಡ್ಯದ ಲೋಕಸಭಾ ಸದಸ್ಯರೂ ಆಗಿರುವ ಕೇಂದ್ರ ಸಚಿವ ಹೆಚ್.ಡಿ. ಕುಮಾರಸ್ವಾಮಿ ಅವರು ಆಗ್ರಹಿಸಿದ್ದಾರೆ. ಈ ಬಗ್ಗೆ ಮುಖ್ಯಮಂತ್ರಿ ಸಿದ್ದರಾಮಯ್ಯ ಅವರಿಗೆ ಪತ್ರ ಬರೆದಿರುವ ಕೇಂದ್ರ ಸಚಿವರು, ಜನಪ್ರತಿನಿಧಿಗಳ ಅಭಿಪ್ರಾಯವನ್ನು ಪಡೆಯದೆ ಏಕಪಕ್ಷೀಯವಾಗಿ ಸೇರಿಸಲಾಗಿದೆ ಎಂದು ಆಕ್ಷೇಪಿಸಿದ್ದಾರೆ. ಕೂಡಲೇ ಈ ಪಂಚಾಯಿತಿಗಳನ್ನು ಮದ್ದೂರು ನಗರಸಭೆಯಿಂದ ಕೈಬಿಡಬೇಕು ಎಂದು ಕೋರಿದ್ದಾರೆ.
ಎಂದು ತೀಳಿದ್ದಾರೆ. ಸರಕಾರ ಏಕಪಕ್ಷೀಯ ನಿರ್ಧಾರದ ವಿರುದ್ಧ ಜನರು ಬೀದಿಗಿಳಿದಿದ್ದಾರೆ. ಈ ಹಿನ್ನೆಲೆಯಲ್ಲಿ ನಾನು ಮಧ್ಯಪ್ರವೇಶ ಮಾಡಿ ಅವರ ಆಶಯಗಳಿಗೆ ಎಂದು ಕೋರಿದ್ದಾರೆ. ಈ ಎಲ್ಲಾ ಪಂಚಾಯಿತಿಗಳ ಗ್ರಾಮಸ್ಥರು ಹಾಗೂ ಪಂಚಾಯಿತಿಗಳ ಸದಸ್ಯರು, ರೈತ ಮುಖಂಡರು ಸಹಿತ ಹಲವರು ಇದರ ವಿರುದ್ಧ ಹೋರಾಟ ನಡೆಸುತ್ತಿದ್ದಾರೆ. ಈ ಬಗ್ಗೆ ಮನವಿ ಮಾಡಿದ್ದು, ಇವರೆಲ್ಲರ 70 ದಿನಗಳಿಂದ ಅಹೋರಾತ್ರಿ ಪ್ರತಿಭಟನೆ ನಡೆಸುತ್ತಿದ್ದು, ನಾನು ಭೇಟಿ ನೀಡಿ ಬೆಂಬಲ ನೀಡಿದ್ದೇನೆ. ಈ ಬಗ್ಗೆ ಸರಕಾರ ಪರಿಶೀಲನೆ ಮಾಡಿ ಕ್ರಮ ಕೈಗೊಳ್ಳಬೇಕು.
ವಿರುದ್ಧ ಜನರು ಪ್ರತಿಭಟನೆ ನಡೆಸುತ್ತಿದ್ದಾರೆ. ಯಾವುದೇ ಕಾರಣಕ್ಕೂ ಮದ್ದೂರು ನಗರಸಭೆ ವ್ಯಾಪ್ತಿಗೆ ಈ ಗ್ರಾಮಗಳನ್ನು ಸೇರಿಸಬಾರದು. ಕೂಡಲೇ ಈ ಜನವಿರೋಧಿ ನಿರ್ಧಾರವನ್ನು ಹಿಂಪಡೆಯಬೇಕು. ಸ್ಥಳೀಯರ ಅಭಿಪ್ರಾಯ ಪಡೆದು ಮುಂದಿನ ಕ್ರಮ ಕೈಗೊಳ್ಳಬೇಕು ಎಂದು ಕುಮಾರಸ್ವಾಮಿ ಅವರು ಪತ್ರದಲ್ಲಿ ತಿಳಿಸಿದ್ದಾರೆ. ಮುಖ್ಯಮಂತ್ರಿಗಳು ಕೂಡಲೇ ಈ ವಿಷಯದಲ್ಲಿ ಮಧ್ಯಪ್ರವೇಶ ಮಾಡಿ ಜನರ ಹಿತ ಕಾಪಾಡಬೇಕು ಎಂದು ಅವರು ಒತ್ತಾಯಿಸಿದ್ದಾರೆ.
ಮಧ್ಯಪ್ರಾಚ್ಯದ ಯುದ್ಧಪೀಡಿತ ದೇಶಗಳಲ್ಲಿ 109 ಕನ್ನಡಿಗರು ಸಿಲುಕಿದ್ದು, ರಕ್ಷಣೆಗಾಗಿ ವಿದೇಶಾಂಗ ಇಲಾಖೆ ಜೊತೆ ಸಂಪರ್ಕ: ಕೃಷ್ಣ ಬೈರೇಗೌಡ
ಬೆಂಗಳೂರು: ಮಧ್ಯಪ್ರಾಚ್ಯದ ಯುದ್ಧಪೀಡಿತ ದೇಶಗಳಲ್ಲಿ ಸುಮಾರು 109 ಜನ ಕನ್ನಡಿಗರು ಸಿಲುಕಿದ್ದು, ಅವರ ರಕ್ಷಣೆಗಾಗಿ ವಿದೇಶಾಂಗ ಸಚಿವಾಲಯದ ಜೊತೆ ಸಂಪರ್ಕದಲ್ಲಿದ್ದೇವೆ ಎಂದು ಸಚಿವ ಕೃಷ್ಣ ಬೈರೇಗೌಡ ತಿಳಿಸಿದರು. ವಿಧಾನಸೌಧದಲ್ಲಿಂದು ಮಾಧ್ಯಮದವರೊಂದಿಗೆ ಮಾತನಾಡಿದ ಅವರು, ಮಧ್ಯಪ್ರಾಚ್ಯದಲ್ಲಿ ಸಂಘರ್ಷದ ವಾತಾವರಣ ಇದೆ. ವಿವಿಧ ಕಡೆ ನಮ್ಮ ಕನ್ನಡಿಗರು ಸಿಲುಕಿದ್ದಾರೆ. ಅವರನ್ನು ಸುರಕ್ಷಿತವಾಗಿ ಕರೆತರಲು ಯಾವುದೇ ಅವರ ನೆರವಿಗಾಗಿ ಸಹಾಯವಾಣಿ ಆರಂಭಿಸಿದ್ದೇವೆ. ಇದರ ಮೂಲಕ 109 ಜನ ಮಾಹಿತಿ ಕೊಟ್ಟಿದ್ದಾರೆ. ಸಿಎಂ ಸೂಚನೆ ಕೊಟ್ಟ ನಂತರ ಕಾರ್ಯಾಚರಣೆ ಆರಂಭಿಸಿದ್ದೇವೆ. ನಮ್ಮ ವಿಭಾಗ ನಿರಂತರ ವಿಭಾಗ ಕಾರ್ಯ ನಿರ್ವಹಿಸುತ್ತಿದೆ. ಹೆಚ್ಚಾಗಿ ರಾಷ್ಟ್ರಮಂಡಲದ ಕೇಂದ್ರ ಮಾಡುತ್ತಿದ್ದೇವೆ. ವಿದೇಶಾಂಗ ಇಲಾಖೆ ಜೊತೆ ಸಂಪರ್ಕದಲ್ಲಿದ್ದೇವೆ. ದಿನ್ನು ದೆಹಲಿ ರೆಸಿಡೆಂಟ್ ಕಮಿಷನರ್ ಸಂಪರ್ಕದಲ್ಲಿದ್ದಾರೆ ಎಂದರು.
